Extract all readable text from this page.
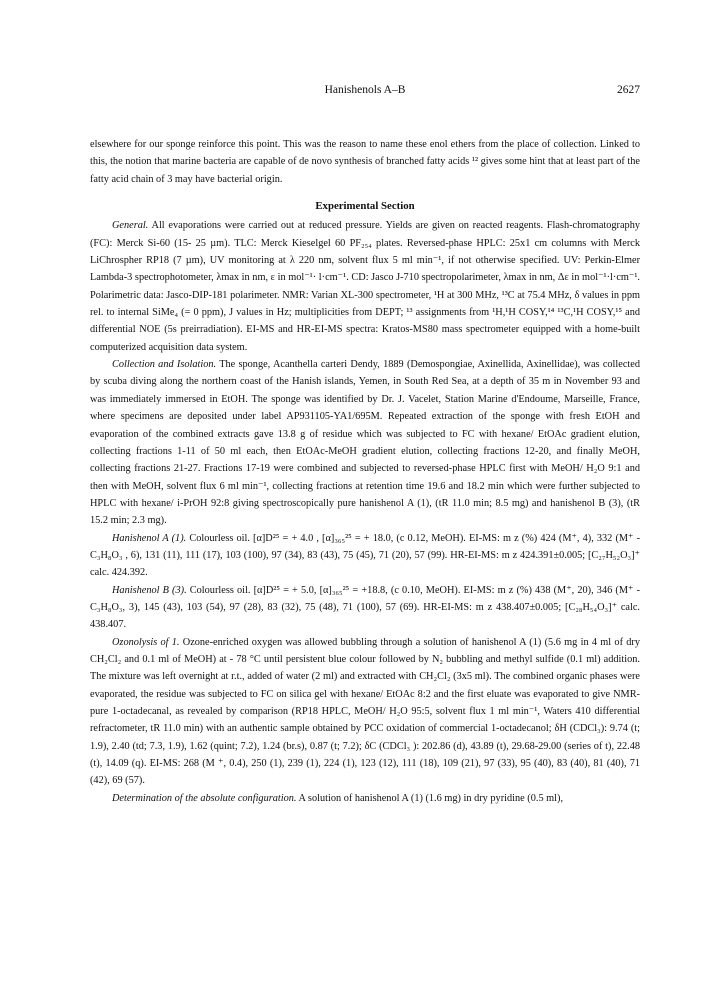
Hanishenols A–B	2627

elsewhere for our sponge reinforce this point. This was the reason to name these enol ethers from the place of collection. Linked to this, the notion that marine bacteria are capable of de novo synthesis of branched fatty acids ¹² gives some hint that at least part of the fatty acid chain of 3 may have bacterial origin.

Experimental Section

General. All evaporations were carried out at reduced pressure. Yields are given on reacted reagents. Flash-chromatography (FC): Merck Si-60 (15- 25 µm). TLC: Merck Kieselgel 60 PF₂₅₄ plates. Reversed-phase HPLC: 25x1 cm columns with Merck LiChrospher RP18 (7 µm), UV monitoring at λ 220 nm, solvent flux 5 ml min⁻¹, if not otherwise specified. UV: Perkin-Elmer Lambda-3 spectrophotometer, λmax in nm, ε in mol⁻¹· l·cm⁻¹. CD: Jasco J-710 spectropolarimeter, λmax in nm, Δε in mol⁻¹·l·cm⁻¹. Polarimetric data: Jasco-DIP-181 polarimeter. NMR: Varian XL-300 spectrometer, ¹H at 300 MHz, ¹³C at 75.4 MHz, δ values in ppm rel. to internal SiMe₄ (= 0 ppm), J values in Hz; multiplicities from DEPT; ¹³ assignments from ¹H,¹H COSY,¹⁴ ¹³C,¹H COSY,¹⁵ and differential NOE (5s preirradiation). EI-MS and HR-EI-MS spectra: Kratos-MS80 mass spectrometer equipped with a home-built computerized acquisition data system.

Collection and Isolation. The sponge, Acanthella carteri Dendy, 1889 (Demospongiae, Axinellida, Axinellidae), was collected by scuba diving along the northern coast of the Hanish islands, Yemen, in South Red Sea, at a depth of 35 m in November 93 and was immediately immersed in EtOH. The sponge was identified by Dr. J. Vacelet, Station Marine d'Endoume, Marseille, France, where specimens are deposited under label AP931105-YA1/695M. Repeated extraction of the sponge with fresh EtOH and evaporation of the combined extracts gave 13.8 g of residue which was subjected to FC with hexane/ EtOAc gradient elution, collecting fractions 1-11 of 50 ml each, then EtOAc-MeOH gradient elution, collecting fractions 12-20, and finally MeOH, collecting fractions 21-27. Fractions 17-19 were combined and subjected to reversed-phase HPLC first with MeOH/ H₂O 9:1 and then with MeOH, solvent flux 6 ml min⁻¹, collecting fractions at retention time 19.6 and 18.2 min which were further subjected to HPLC with hexane/ i-PrOH 92:8 giving spectroscopically pure hanishenol A (1), (tR 11.0 min; 8.5 mg) and hanishenol B (3), (tR 15.2 min; 2.3 mg).

Hanishenol A (1). Colourless oil. [α]D²⁵ = + 4.0 , [α]₃₆₅²⁵ = + 18.0, (c 0.12, MeOH). EI-MS: m z (%) 424 (M⁺, 4), 332 (M⁺ - C₃H₈O₃ , 6), 131 (11), 111 (17), 103 (100), 97 (34), 83 (43), 75 (45), 71 (20), 57 (99). HR-EI-MS: m z 424.391±0.005; [C₂₇H₅₂O₃]⁺ calc. 424.392.

Hanishenol B (3). Colourless oil. [α]D²⁵ = + 5.0, [α]₃₆₅²⁵ = +18.8, (c 0.10, MeOH). EI-MS: m z (%) 438 (M⁺, 20), 346 (M⁺ - C₃H₈O₃, 3), 145 (43), 103 (54), 97 (28), 83 (32), 75 (48), 71 (100), 57 (69). HR-EI-MS: m z 438.407±0.005; [C₂₈H₅₄O₃]⁺ calc. 438.407.

Ozonolysis of 1. Ozone-enriched oxygen was allowed bubbling through a solution of hanishenol A (1) (5.6 mg in 4 ml of dry CH₂Cl₂ and 0.1 ml of MeOH) at - 78 °C until persistent blue colour followed by N₂ bubbling and methyl sulfide (0.1 ml) addition. The mixture was left overnight at r.t., added of water (2 ml) and extracted with CH₂Cl₂ (3x5 ml). The combined organic phases were evaporated, the residue was subjected to FC on silica gel with hexane/ EtOAc 8:2 and the first eluate was evaporated to give NMR-pure 1-octadecanal, as revealed by comparison (RP18 HPLC, MeOH/ H₂O 95:5, solvent flux 1 ml min⁻¹, Waters 410 differential refractometer, tR 11.0 min) with an authentic sample obtained by PCC oxidation of commercial 1-octadecanol; δH (CDCl₃): 9.74 (t; 1.9), 2.40 (td; 7.3, 1.9), 1.62 (quint; 7.2), 1.24 (br.s), 0.87 (t; 7.2); δC (CDCl₃ ): 202.86 (d), 43.89 (t), 29.68-29.00 (series of t), 22.48 (t), 14.09 (q). EI-MS: 268 (M ⁺, 0.4), 250 (1), 239 (1), 224 (1), 123 (12), 111 (18), 109 (21), 97 (33), 95 (40), 83 (40), 81 (40), 71 (42), 69 (57).

Determination of the absolute configuration. A solution of hanishenol A (1) (1.6 mg) in dry pyridine (0.5 ml),
